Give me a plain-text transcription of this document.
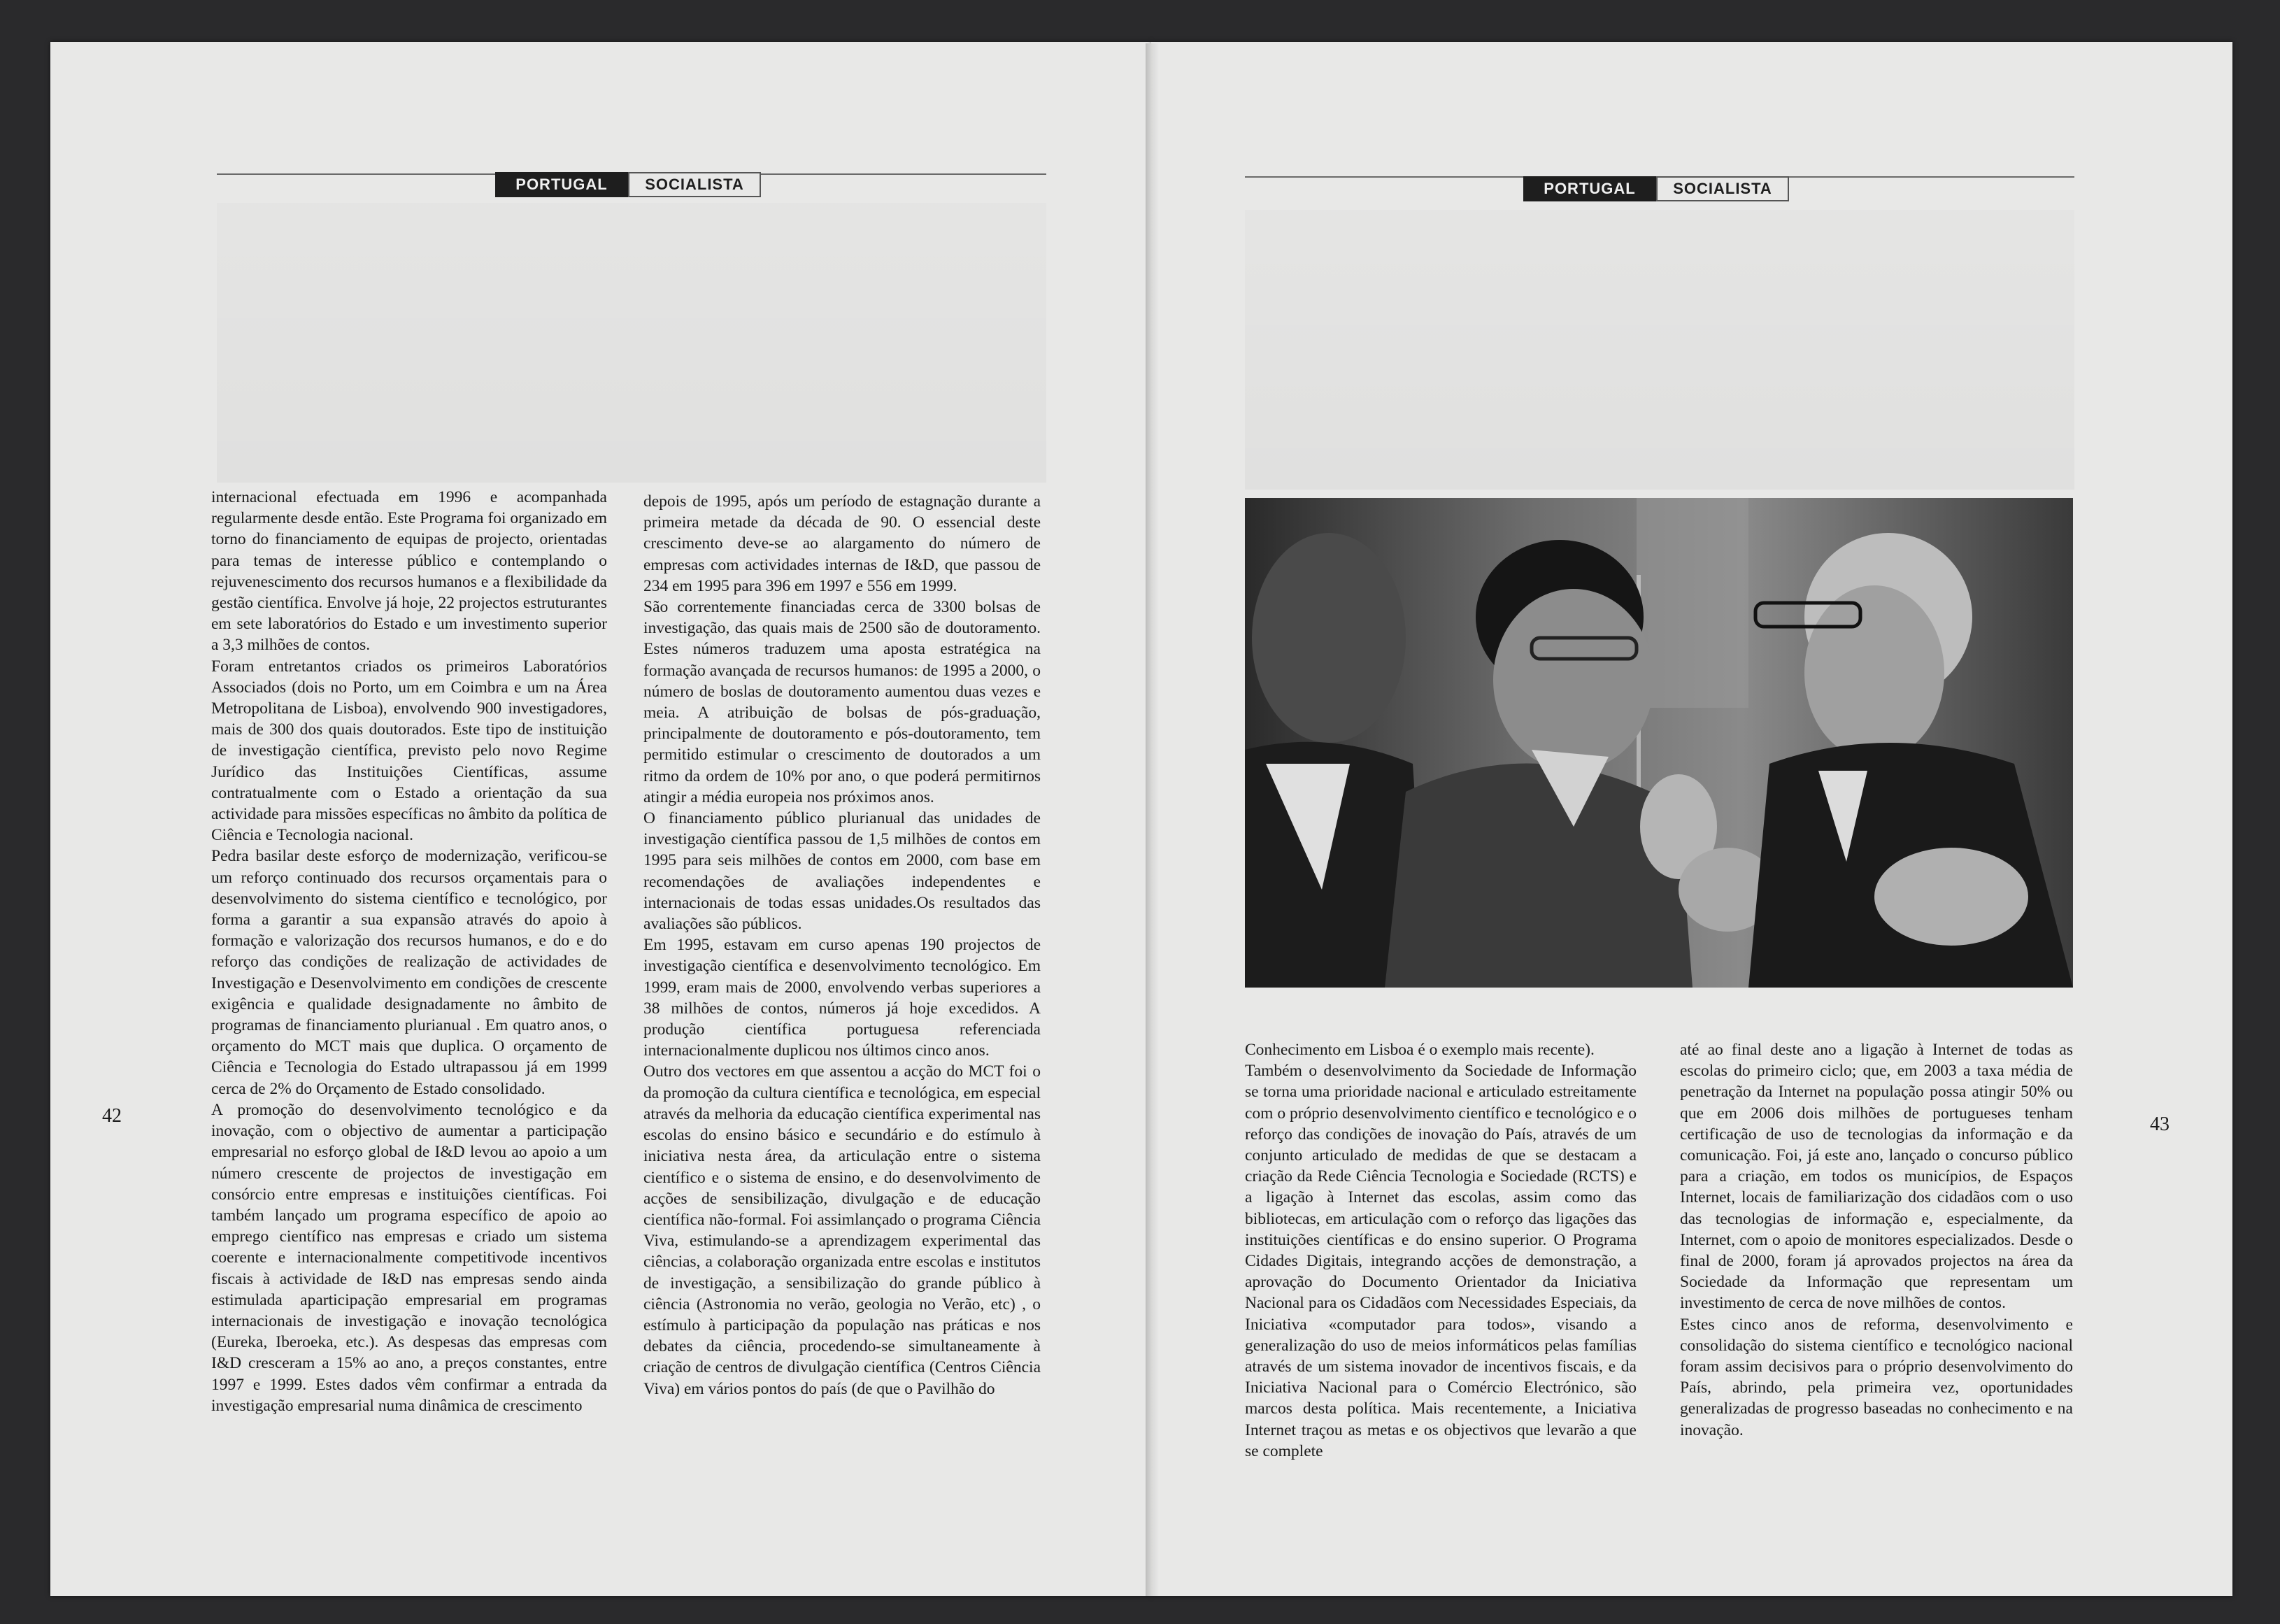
PORTUGAL	SOCIALISTA	PORTUGAL	SOCIALISTA

internacional efectuada em 1996 e acompanhada regularmente desde então. Este Programa foi organizado em torno do financiamento de equipas de projecto, orientadas para temas de interesse público e contemplando o rejuvenescimento dos recursos humanos e a flexibilidade da gestão científica. Envolve já hoje, 22 projectos estruturantes em sete laboratórios do Estado e um investimento superior a 3,3 milhões de contos.

Foram entretantos criados os primeiros Laboratórios Associados (dois no Porto, um em Coimbra e um na Área Metropolitana de Lisboa), envolvendo 900 investigadores, mais de 300 dos quais doutorados. Este tipo de instituição de investigação científica, previsto pelo novo Regime Jurídico das Instituições Científicas, assume contratualmente com o Estado a orientação da sua actividade para missões específicas no âmbito da política de Ciência e Tecnologia nacional.

Pedra basilar deste esforço de modernização, verificou-se um reforço continuado dos recursos orçamentais para o desenvolvimento do sistema científico e tecnológico, por forma a garantir a sua expansão através do apoio à formação e valorização dos recursos humanos, e do e do reforço das condições de realização de actividades de Investigação e Desenvolvimento em condições de crescente exigência e qualidade designadamente no âmbito de programas de financiamento plurianual . Em quatro anos, o orçamento do MCT mais que duplica. O orçamento de Ciência e Tecnologia do Estado ultrapassou já em 1999 cerca de 2% do Orçamento de Estado consolidado.

A promoção do desenvolvimento tecnológico e da inovação, com o objectivo de aumentar a participação empresarial no esforço global de I&D levou ao apoio a um número crescente de projectos de investigação em consórcio entre empresas e instituições científicas. Foi também lançado um programa específico de apoio ao emprego científico nas empresas e criado um sistema coerente e internacionalmente competitivode incentivos fiscais à actividade de I&D nas empresas sendo ainda estimulada aparticipação empresarial em programas internacionais de investigação e inovação tecnológica (Eureka, Iberoeka, etc.). As despesas das empresas com I&D cresceram a 15% ao ano, a preços constantes, entre 1997 e 1999. Estes dados vêm confirmar a entrada da investigação empresarial numa dinâmica de crescimento

depois de 1995, após um período de estagnação durante a primeira metade da década de 90. O essencial deste crescimento deve-se ao alargamento do número de empresas com actividades internas de I&D, que passou de 234 em 1995 para 396 em 1997 e 556 em 1999.

São correntemente financiadas cerca de 3300 bolsas de investigação, das quais mais de 2500 são de doutoramento. Estes números traduzem uma aposta estratégica na formação avançada de recursos humanos: de 1995 a 2000, o número de boslas de doutoramento aumentou duas vezes e meia. A atribuição de bolsas de pós-graduação, principalmente de doutoramento e pós-doutoramento, tem permitido estimular o crescimento de doutorados a um ritmo da ordem de 10% por ano, o que poderá permitirnos atingir a média europeia nos próximos anos.

O financiamento público plurianual das unidades de investigação científica passou de 1,5 milhões de contos em 1995 para seis milhões de contos em 2000, com base em recomendações de avaliações independentes e internacionais de todas essas unidades.Os resultados das avaliações são públicos.

Em 1995, estavam em curso apenas 190 projectos de investigação científica e desenvolvimento tecnológico. Em 1999, eram mais de 2000, envolvendo verbas superiores a 38 milhões de contos, números já hoje excedidos. A produção científica portuguesa referenciada internacionalmente duplicou nos últimos cinco anos.

Outro dos vectores em que assentou a acção do MCT foi o da promoção da cultura científica e tecnológica, em especial através da melhoria da educação científica experimental nas escolas do ensino básico e secundário e do estímulo à iniciativa nesta área, da articulação entre o sistema científico e o sistema de ensino, e do desenvolvimento de acções de sensibilização, divulgação e de educação científica não-formal. Foi assimlançado o programa Ciência Viva, estimulando-se a aprendizagem experimental das ciências, a colaboração organizada entre escolas e institutos de investigação, a sensibilização do grande público à ciência (Astronomia no verão, geologia no Verão, etc) , o estímulo à participação da população nas práticas e nos debates da ciência, procedendo-se simultaneamente à criação de centros de divulgação científica (Centros Ciência Viva) em vários pontos do país (de que o Pavilhão do

42

Conhecimento em Lisboa é o exemplo mais recente).

Também o desenvolvimento da Sociedade de Informação se torna uma prioridade nacional e articulado estreitamente com o próprio desenvolvimento científico e tecnológico e o reforço das condições de inovação do País, através de um conjunto articulado de medidas de que se destacam a criação da Rede Ciência Tecnologia e Sociedade (RCTS) e a ligação à Internet das escolas, assim como das bibliotecas, em articulação com o reforço das ligações das instituições científicas e do ensino superior. O Programa Cidades Digitais, integrando acções de demonstração, a aprovação do Documento Orientador da Iniciativa Nacional para os Cidadãos com Necessidades Especiais, da Iniciativa «computador para todos», visando a generalização do uso de meios informáticos pelas famílias através de um sistema inovador de incentivos fiscais, e da Iniciativa Nacional para o Comércio Electrónico, são marcos desta política. Mais recentemente, a Iniciativa Internet traçou as metas e os objectivos que levarão a que se complete

até ao final deste ano a ligação à Internet de todas as escolas do primeiro ciclo; que, em 2003 a taxa média de penetração da Internet na população possa atingir 50% ou que em 2006 dois milhões de portugueses tenham certificação de uso de tecnologias da informação e da comunicação. Foi, já este ano, lançado o concurso público para a criação, em todos os municípios, de Espaços Internet, locais de familiarização dos cidadãos com o uso das tecnologias de informação e, especialmente, da Internet, com o apoio de monitores especializados. Desde o final de 2000, foram já aprovados projectos na área da Sociedade da Informação que representam um investimento de cerca de nove milhões de contos.

Estes cinco anos de reforma, desenvolvimento e consolidação do sistema científico e tecnológico nacional foram assim decisivos para o próprio desenvolvimento do País, abrindo, pela primeira vez, oportunidades generalizadas de progresso baseadas no conhecimento e na inovação.

43
